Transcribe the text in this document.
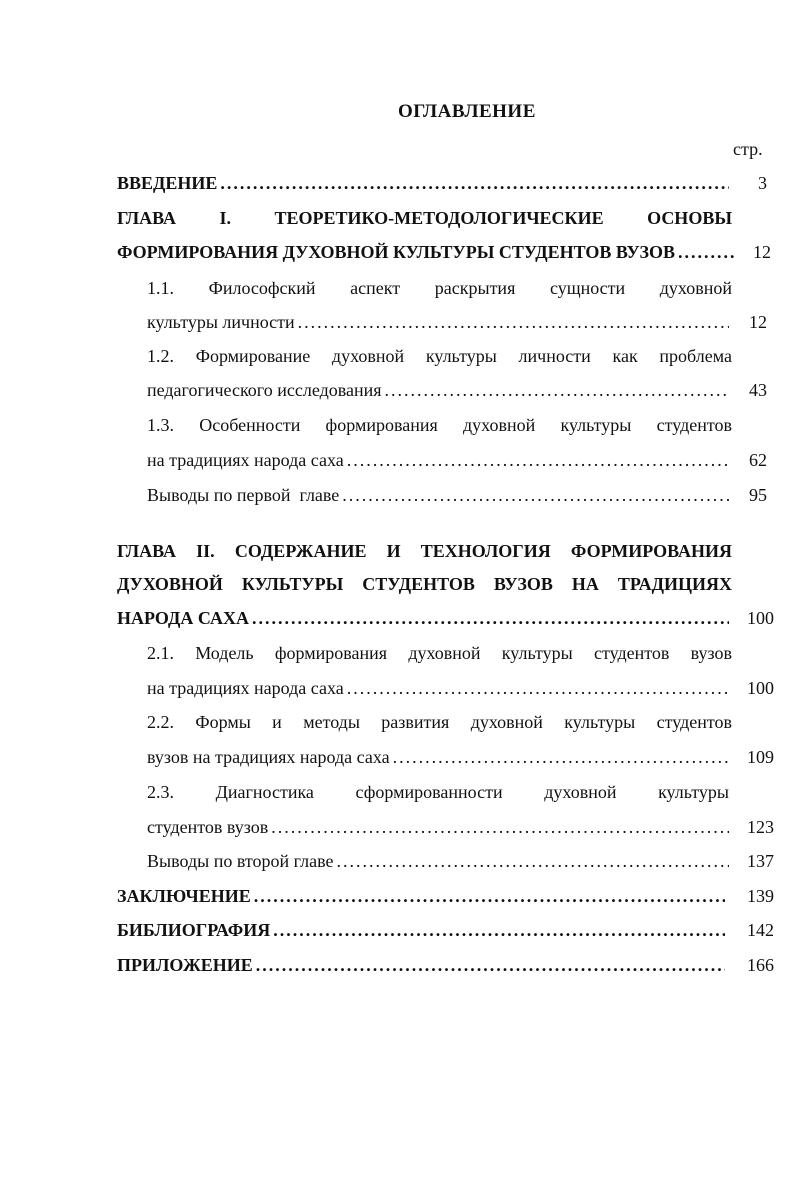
ОГЛАВЛЕНИЕ
стр.
ВВЕДЕНИЕ .....	3
ГЛАВА I. ТЕОРЕТИКО-МЕТОДОЛОГИЧЕСКИЕ ОСНОВЫ
ФОРМИРОВАНИЯ ДУХОВНОЙ КУЛЬТУРЫ СТУДЕНТОВ ВУЗОВ .....	12
1.1. Философский аспект раскрытия сущности духовной
культуры личности .....	12
1.2. Формирование духовной культуры личности как проблема
педагогического исследования .....	43
1.3. Особенности формирования духовной культуры студентов
на традициях народа саха .....	62
Выводы по первой  главе .....	95
ГЛАВА II. СОДЕРЖАНИЕ И ТЕХНОЛОГИЯ ФОРМИРОВАНИЯ
ДУХОВНОЙ КУЛЬТУРЫ СТУДЕНТОВ ВУЗОВ НА ТРАДИЦИЯХ
НАРОДА САХА .....	100
2.1. Модель формирования духовной культуры студентов вузов
на традициях народа саха .....	100
2.2. Формы и методы развития духовной культуры студентов
вузов на традициях народа саха .....	109
2.3. Диагностика сформированности духовной культуры
студентов вузов .....	123
Выводы по второй главе .....	137
ЗАКЛЮЧЕНИЕ .....	139
БИБЛИОГРАФИЯ .....	142
ПРИЛОЖЕНИЕ .....	166
